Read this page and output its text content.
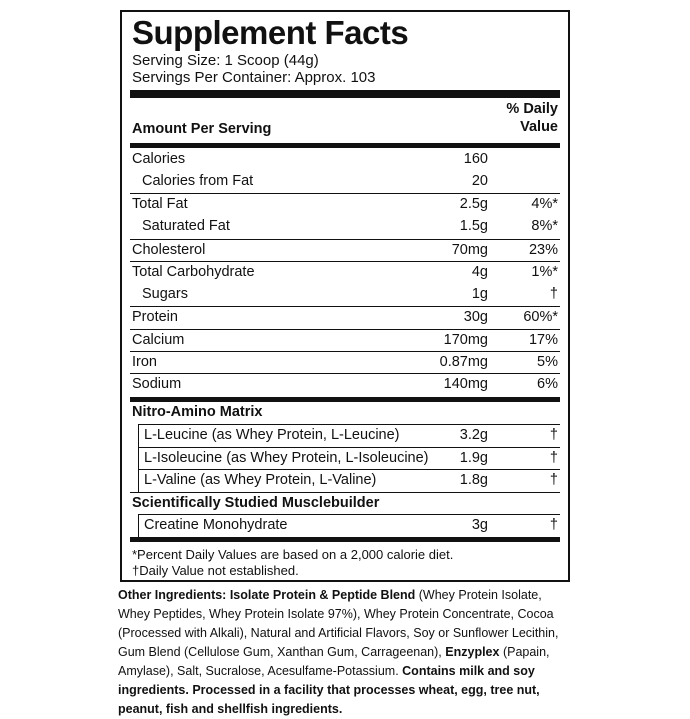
Supplement Facts
Serving Size: 1 Scoop (44g)
Servings Per Container: Approx. 103
Amount Per Serving
% Daily
Value
Calories	160
Calories from Fat	20
Total Fat	2.5g	4%*
Saturated Fat	1.5g	8%*
Cholesterol	70mg	23%
Total Carbohydrate	4g	1%*
Sugars	1g	†
Protein	30g 60%*
Calcium	170mg	17%
Iron	0.87mg	5%
Sodium	140mg	6%
Nitro-Amino Matrix
L-Leucine (as Whey Protein, L-Leucine)	3.2g	†
L-Isoleucine (as Whey Protein, L-Isoleucine) 1.9g	†
L-Valine (as Whey Protein, L-Valine)	1.8g	†
Scientifically Studied Musclebuilder
Creatine Monohydrate	3g	†
*Percent Daily Values are based on a 2,000 calorie diet.
†Daily Value not established.
Other Ingredients: Isolate Protein & Peptide Blend (Whey Protein Isolate, Whey Peptides, Whey Protein Isolate 97%), Whey Protein Concentrate, Cocoa (Processed with Alkali), Natural and Artificial Flavors, Soy or Sunflower Lecithin, Gum Blend (Cellulose Gum, Xanthan Gum, Carrageenan), Enzyplex (Papain, Amylase), Salt, Sucralose, Acesulfame-Potassium. Contains milk and soy ingredients. Processed in a facility that processes wheat, egg, tree nut, peanut, fish and shellfish ingredients.
